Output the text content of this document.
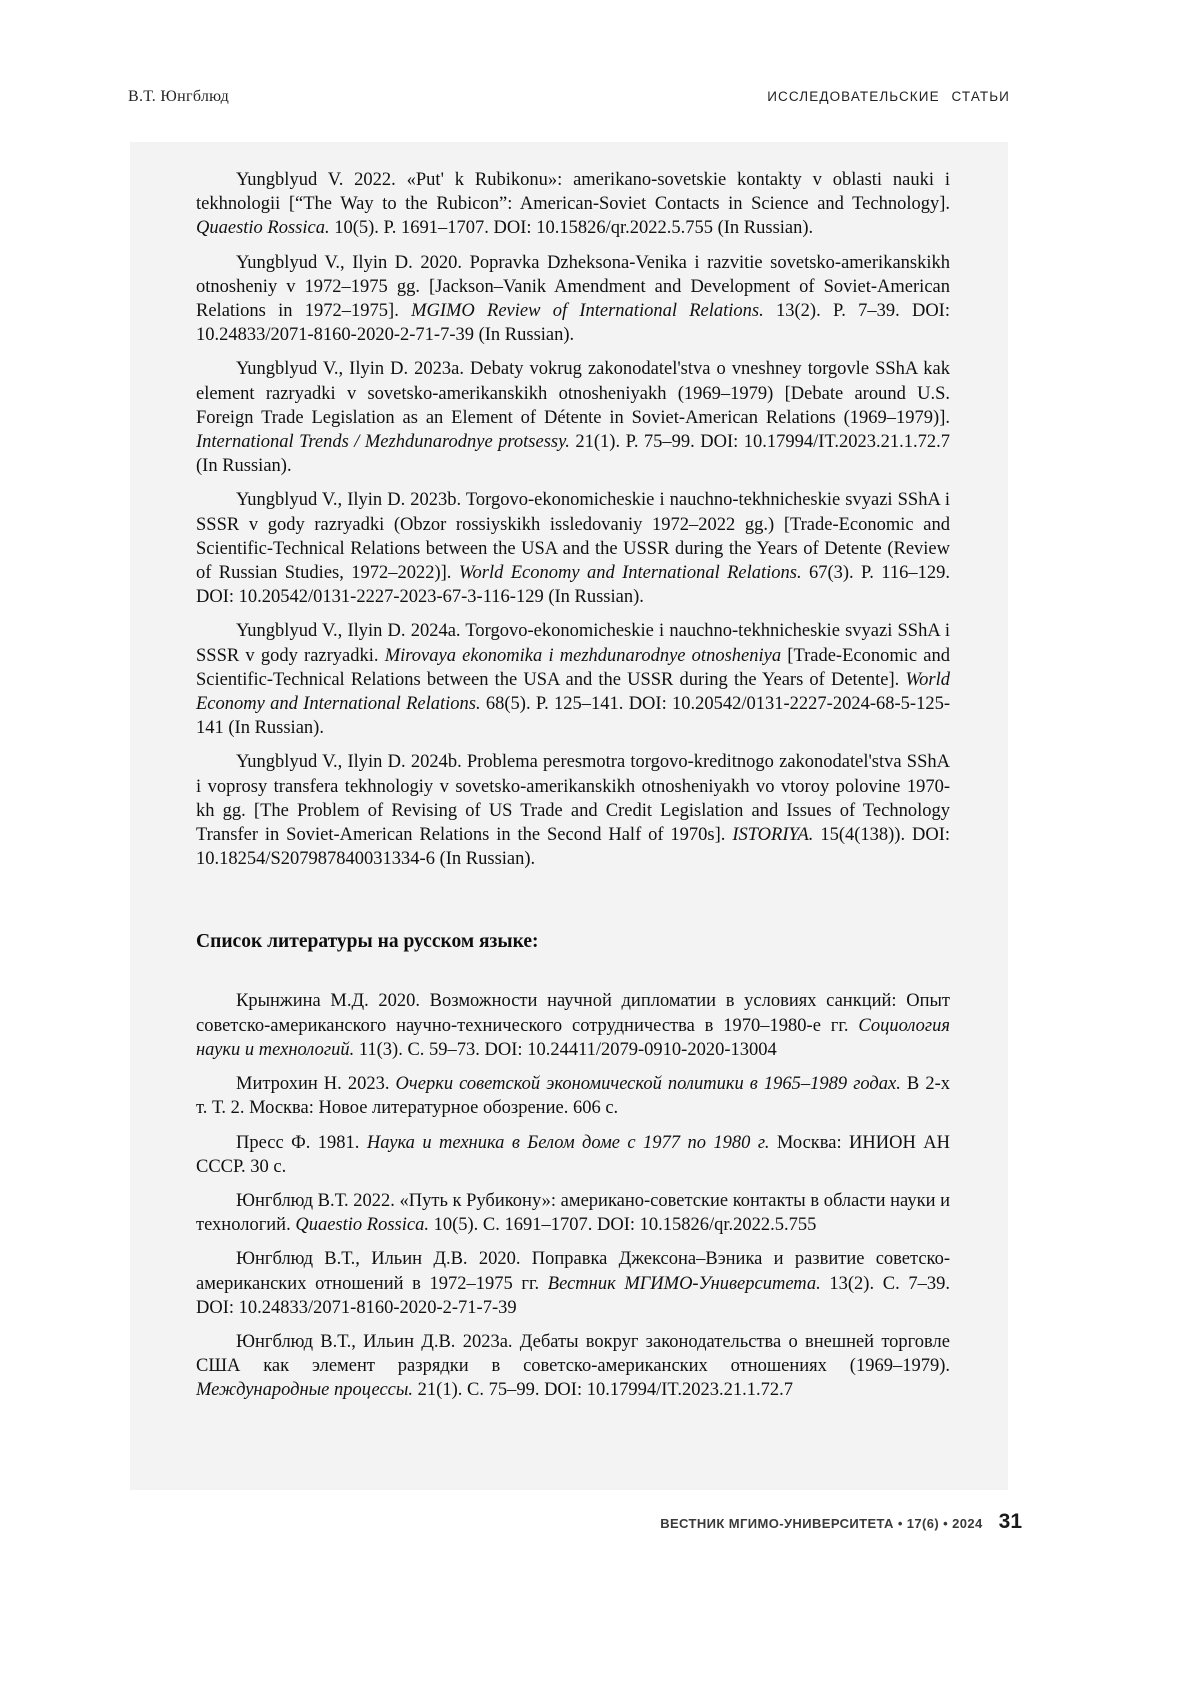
В.Т. Юнгблюд	ИССЛЕДОВАТЕЛЬСКИЕ СТАТЬИ

Yungblyud V. 2022. «Put' k Rubikonu»: amerikano-sovetskie kontakty v oblasti nauki i tekhnologii [“The Way to the Rubicon”: American-Soviet Contacts in Science and Technology]. Quaestio Rossica. 10(5). P. 1691–1707. DOI: 10.15826/qr.2022.5.755 (In Russian).

Yungblyud V., Ilyin D. 2020. Popravka Dzheksona-Venika i razvitie sovetsko-amerikanskikh otnosheniy v 1972–1975 gg. [Jackson–Vanik Amendment and Development of Soviet-American Relations in 1972–1975]. MGIMO Review of International Relations. 13(2). P. 7–39. DOI: 10.24833/2071-8160-2020-2-71-7-39 (In Russian).

Yungblyud V., Ilyin D. 2023a. Debaty vokrug zakonodatel'stva o vneshney torgovle SShA kak element razryadki v sovetsko-amerikanskikh otnosheniyakh (1969–1979) [Debate around U.S. Foreign Trade Legislation as an Element of Détente in Soviet-American Relations (1969–1979)]. International Trends / Mezhdunarodnye protsessy. 21(1). P. 75–99. DOI: 10.17994/IT.2023.21.1.72.7 (In Russian).

Yungblyud V., Ilyin D. 2023b. Torgovo-ekonomicheskie i nauchno-tekhnicheskie svyazi SShA i SSSR v gody razryadki (Obzor rossiyskikh issledovaniy 1972–2022 gg.) [Trade-Economic and Scientific-Technical Relations between the USA and the USSR during the Years of Detente (Review of Russian Studies, 1972–2022)]. World Economy and International Relations. 67(3). P. 116–129. DOI: 10.20542/0131-2227-2023-67-3-116-129 (In Russian).

Yungblyud V., Ilyin D. 2024a. Torgovo-ekonomicheskie i nauchno-tekhnicheskie svyazi SShA i SSSR v gody razryadki. Mirovaya ekonomika i mezhdunarodnye otnosheniya [Trade-Economic and Scientific-Technical Relations between the USA and the USSR during the Years of Detente]. World Economy and International Relations. 68(5). P. 125–141. DOI: 10.20542/0131-2227-2024-68-5-125-141 (In Russian).

Yungblyud V., Ilyin D. 2024b. Problema peresmotra torgovo-kreditnogo zakonodatel'stva SShA i voprosy transfera tekhnologiy v sovetsko-amerikanskikh otnosheniyakh vo vtoroy polovine 1970-kh gg. [The Problem of Revising of US Trade and Credit Legislation and Issues of Technology Transfer in Soviet-American Relations in the Second Half of 1970s]. ISTORIYA. 15(4(138)). DOI: 10.18254/S207987840031334-6 (In Russian).

Список литературы на русском языке:

Крынжина М.Д. 2020. Возможности научной дипломатии в условиях санкций: Опыт советско-американского научно-технического сотрудничества в 1970–1980-е гг. Социология науки и технологий. 11(3). С. 59–73. DOI: 10.24411/2079-0910-2020-13004

Митрохин Н. 2023. Очерки советской экономической политики в 1965–1989 годах. В 2-х т. Т. 2. Москва: Новое литературное обозрение. 606 с.

Пресс Ф. 1981. Наука и техника в Белом доме с 1977 по 1980 г. Москва: ИНИОН АН СССР. 30 с.

Юнгблюд В.Т. 2022. «Путь к Рубикону»: американо-советские контакты в области науки и технологий. Quaestio Rossica. 10(5). С. 1691–1707. DOI: 10.15826/qr.2022.5.755

Юнгблюд В.Т., Ильин Д.В. 2020. Поправка Джексона–Вэника и развитие советско-американских отношений в 1972–1975 гг. Вестник МГИМО-Университета. 13(2). С. 7–39. DOI: 10.24833/2071-8160-2020-2-71-7-39

Юнгблюд В.Т., Ильин Д.В. 2023a. Дебаты вокруг законодательства о внешней торговле США как элемент разрядки в советско-американских отношениях (1969–1979). Международные процессы. 21(1). С. 75–99. DOI: 10.17994/IT.2023.21.1.72.7

ВЕСТНИК МГИМО-УНИВЕРСИТЕТА • 17(6) • 2024 31
